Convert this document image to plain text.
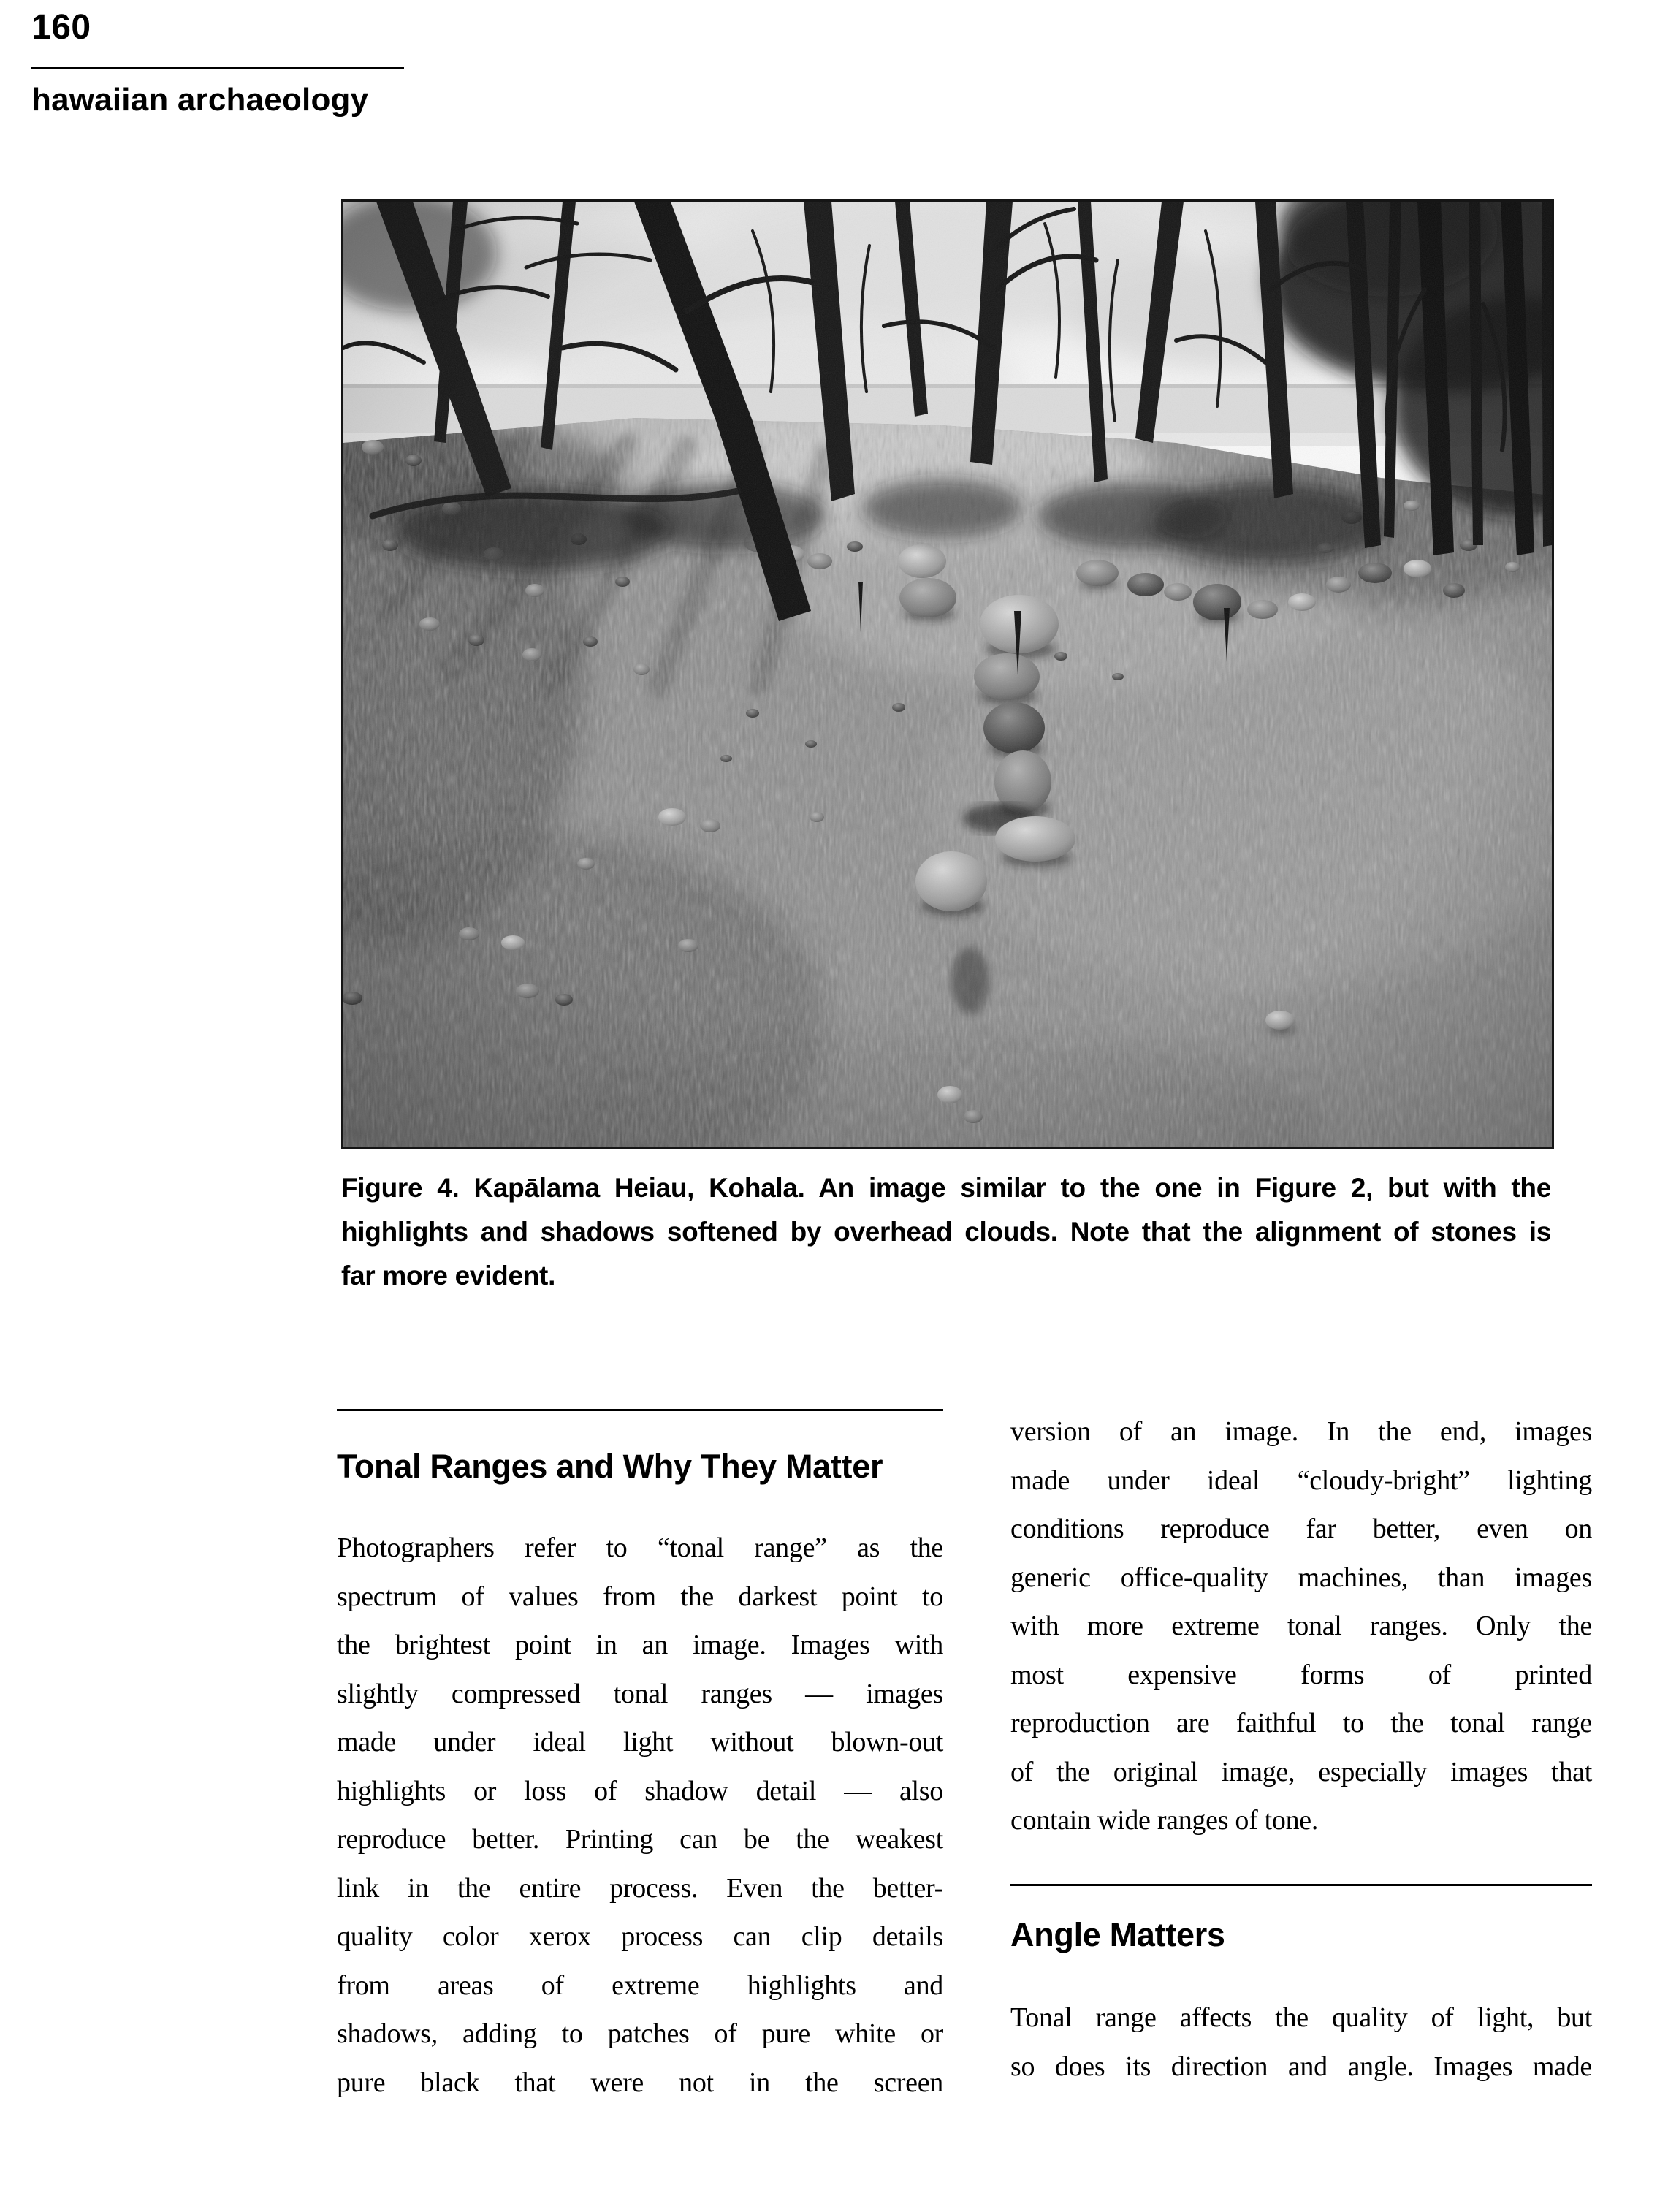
160
hawaiian archaeology
Figure 4. Kapālama Heiau, Kohala. An image similar to the one in Figure 2, but with the
highlights and shadows softened by overhead clouds. Note that the alignment of stones is
far more evident.
Tonal Ranges and Why They Matter
Photographers refer to “tonal range” as the
spectrum of values from the darkest point to
the brightest point in an image. Images with
slightly compressed tonal ranges — images
made under ideal light without blown-out
highlights or loss of shadow detail — also
reproduce better. Printing can be the weakest
link in the entire process. Even the better-
quality color xerox process can clip details
from areas of extreme highlights and
shadows, adding to patches of pure white or
pure black that were not in the screen
version of an image. In the end, images
made under ideal “cloudy-bright” lighting
conditions reproduce far better, even on
generic office-quality machines, than images
with more extreme tonal ranges. Only the
most expensive forms of printed
reproduction are faithful to the tonal range
of the original image, especially images that
contain wide ranges of tone.
Angle Matters
Tonal range affects the quality of light, but
so does its direction and angle. Images made
